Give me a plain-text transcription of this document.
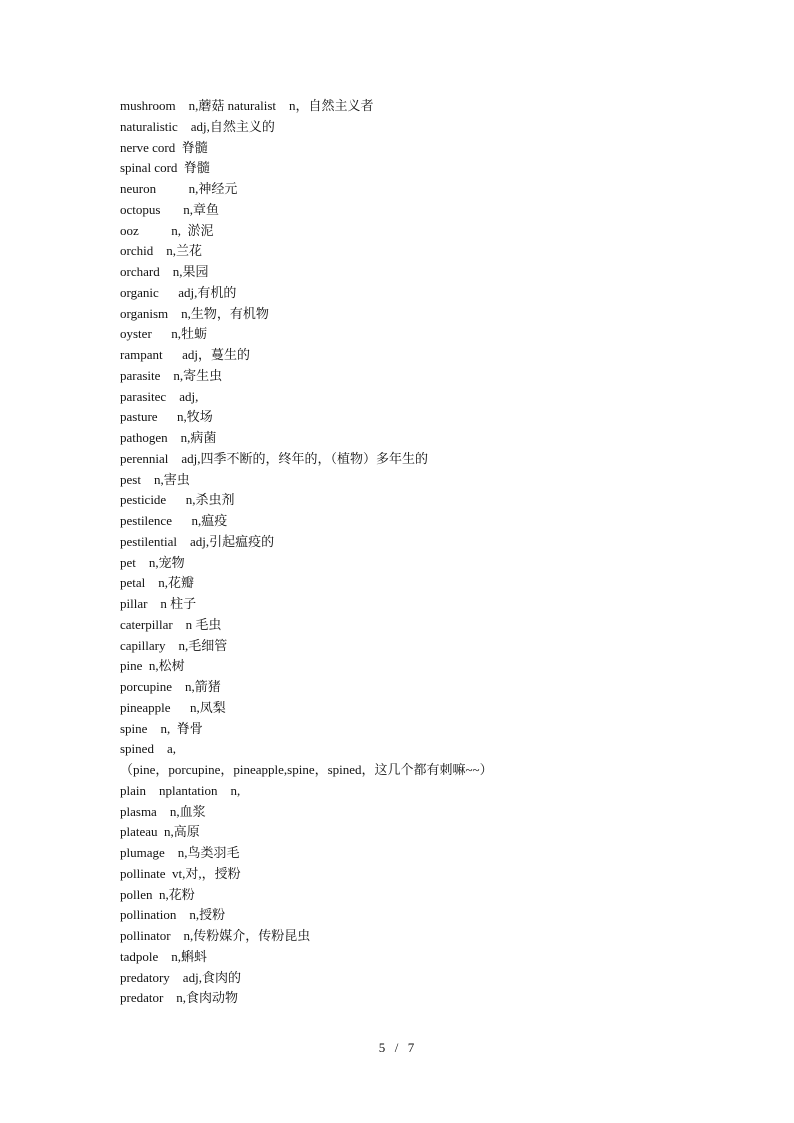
mushroom    n,蘑菇 naturalist    n，自然主义者
naturalistic    adj,自然主义的
nerve cord  脊髓
spinal cord  脊髓
neuron          n,神经元
octopus       n,章鱼
ooz          n,  淤泥
orchid    n,兰花
orchard    n,果园
organic      adj,有机的
organism    n,生物，有机物
oyster      n,牡蛎
rampant      adj，蔓生的
parasite    n,寄生虫
parasitec    adj,
pasture      n,牧场
pathogen    n,病菌
perennial    adj,四季不断的，终年的，（植物）多年生的
pest    n,害虫
pesticide      n,杀虫剂
pestilence      n,瘟疫
pestilential    adj,引起瘟疫的
pet    n,宠物
petal    n,花瓣
pillar    n 柱子
caterpillar    n 毛虫
capillary    n,毛细管
pine  n,松树
porcupine    n,箭猪
pineapple      n,凤梨
spine    n,  脊骨
spined    a,
（pine，porcupine，pineapple,spine，spined，这几个都有刺嘛~~）
plain    nplantation    n,
plasma    n,血浆
plateau  n,高原
plumage    n,鸟类羽毛
pollinate  vt,对,，授粉
pollen  n,花粉
pollination    n,授粉
pollinator    n,传粉媒介，传粉昆虫
tadpole    n,蝌蚪
predatory    adj,食肉的
predator    n,食肉动物
5  /  7
